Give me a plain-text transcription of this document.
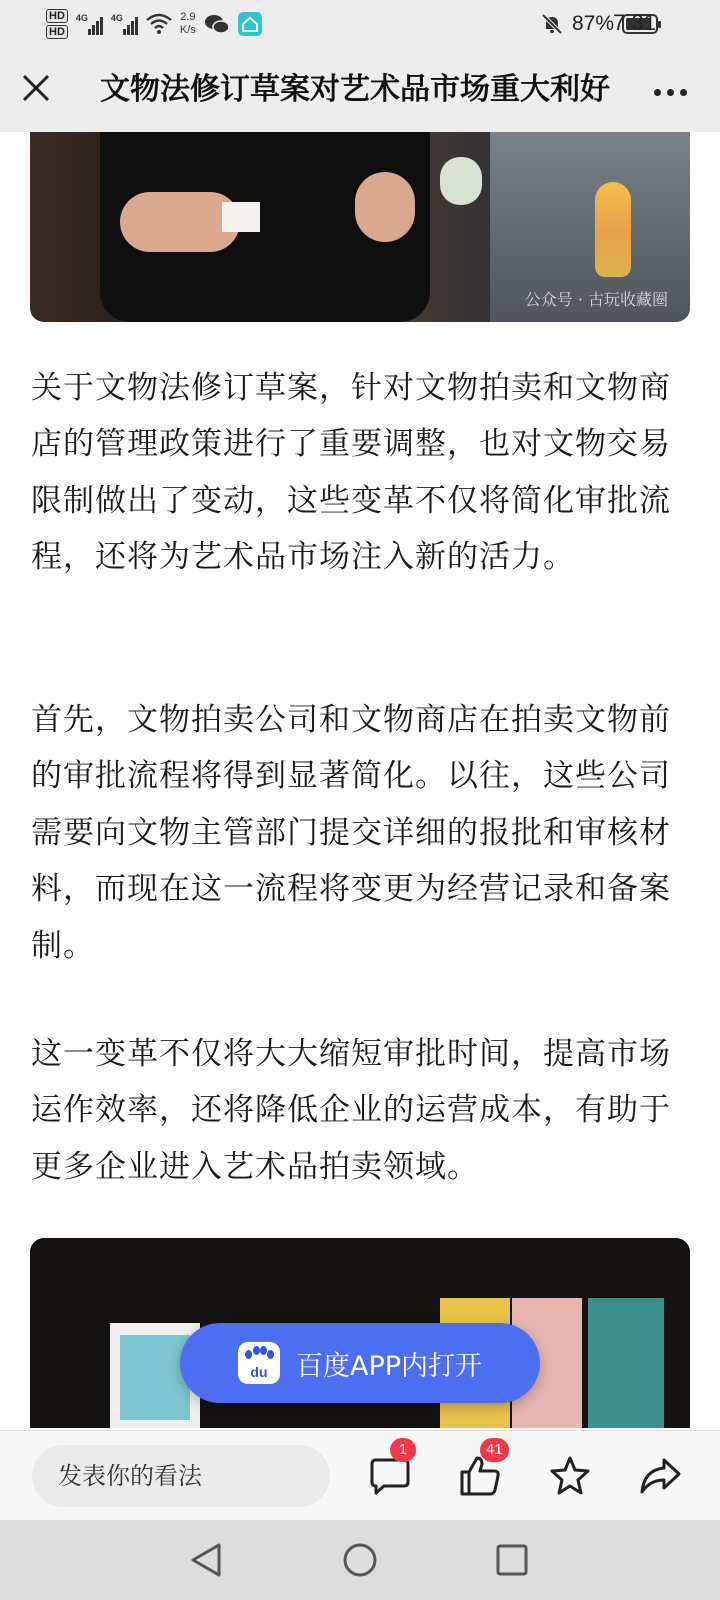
HD
HD
4G	4G	2.9
K/s	87% 7:31
文物法修订草案对艺术品市场重大利好
公众号 · 古玩收藏圈

关于文物法修订草案，针对文物拍卖和文物商店的管理政策进行了重要调整，也对文物交易限制做出了变动，这些变革不仅将简化审批流程，还将为艺术品市场注入新的活力。

首先，文物拍卖公司和文物商店在拍卖文物前的审批流程将得到显著简化。以往，这些公司需要向文物主管部门提交详细的报批和审核材料，而现在这一流程将变更为经营记录和备案制。

这一变革不仅将大大缩短审批时间，提高市场运作效率，还将降低企业的运营成本，有助于更多企业进入艺术品拍卖领域。

du	百度APP内打开
发表你的看法
1	41
